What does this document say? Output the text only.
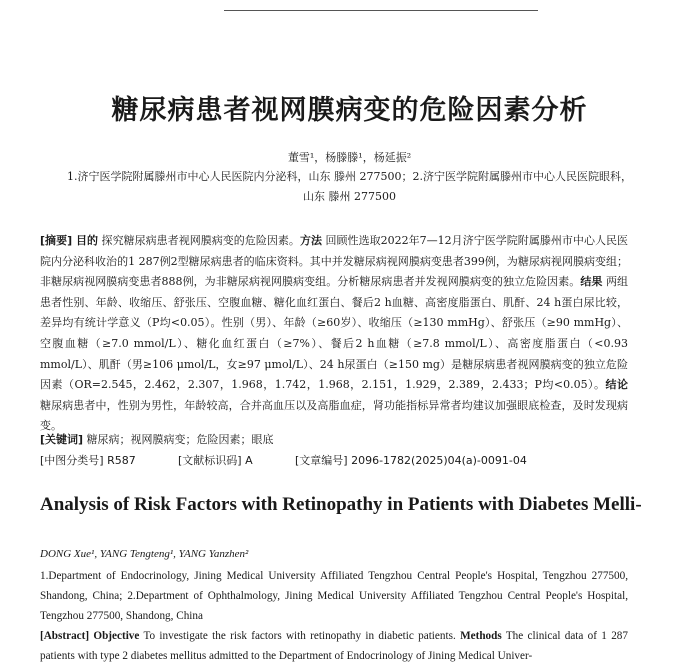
糖尿病患者视网膜病变的危险因素分析
董雪¹，杨滕滕¹，杨延振²
1.济宁医学院附属滕州市中心人民医院内分泌科，山东 滕州 277500；2.济宁医学院附属滕州市中心人民医院眼科，
山东 滕州 277500
[摘要] 目的 探究糖尿病患者视网膜病变的危险因素。方法 回顾性选取2022年7—12月济宁医学院附属滕州市中心人民医院内分泌科收治的1 287例2型糖尿病患者的临床资料。其中并发糖尿病视网膜病变患者399例，为糖尿病视网膜病变组；非糖尿病视网膜病变患者888例，为非糖尿病视网膜病变组。分析糖尿病患者并发视网膜病变的独立危险因素。结果 两组患者性别、年龄、收缩压、舒张压、空腹血糖、糖化血红蛋白、餐后2 h血糖、高密度脂蛋白、肌酐、24 h蛋白尿比较，差异均有统计学意义（P均<0.05）。性别（男）、年龄（≥60岁）、收缩压（≥130 mmHg）、舒张压（≥90 mmHg）、空腹血糖（≥7.0 mmol/L）、糖化血红蛋白（≥7%）、餐后2 h血糖（≥7.8 mmol/L）、高密度脂蛋白（<0.93 mmol/L）、肌酐（男≥106 μmol/L，女≥97 μmol/L）、24 h尿蛋白（≥150 mg）是糖尿病患者视网膜病变的独立危险因素（OR=2.545，2.462，2.307，1.968，1.742，1.968，2.151，1.929，2.389，2.433；P均<0.05）。结论 糖尿病患者中，性别为男性，年龄较高，合并高血压以及高脂血症，肾功能指标异常者均建议加强眼底检查，及时发现病变。
[关键词] 糖尿病；视网膜病变；危险因素；眼底
[中图分类号] R587	[文献标识码] A	[文章编号] 2096-1782(2025)04(a)-0091-04
Analysis of Risk Factors with Retinopathy in Patients with Diabetes Melli-
DONG Xue¹, YANG Tengteng¹, YANG Yanzhen²
1.Department of Endocrinology, Jining Medical University Affiliated Tengzhou Central People's Hospital, Tengzhou 277500, Shandong, China; 2.Department of Ophthalmology, Jining Medical University Affiliated Tengzhou Central People's Hospital, Tengzhou 277500, Shandong, China
[Abstract] Objective To investigate the risk factors with retinopathy in diabetic patients. Methods The clinical data of 1 287 patients with type 2 diabetes mellitus admitted to the Department of Endocrinology of Jining Medical Univer-
